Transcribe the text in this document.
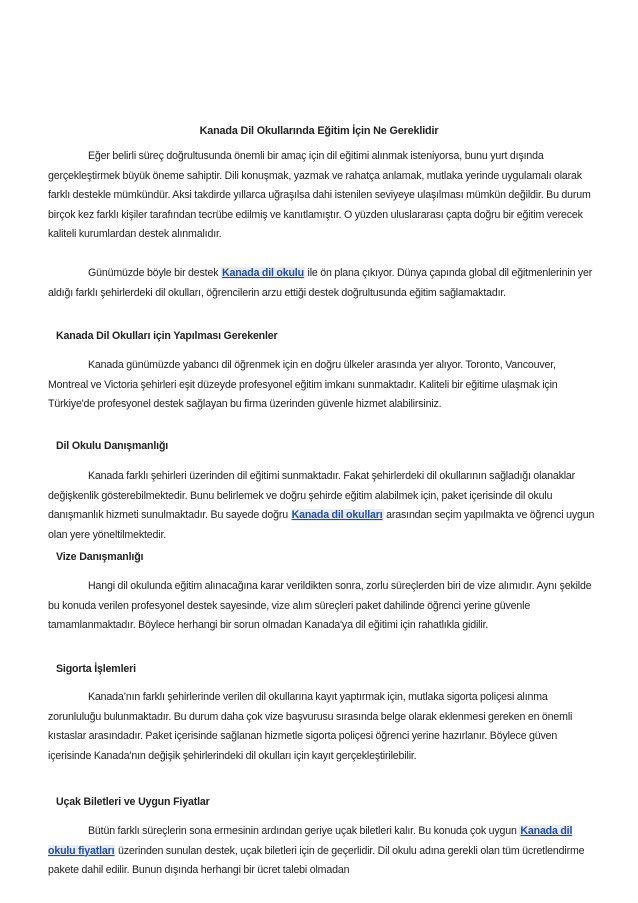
Kanada Dil Okullarında Eğitim İçin Ne Gereklidir

Eğer belirli süreç doğrultusunda önemli bir amaç için dil eğitimi alınmak isteniyorsa, bunu yurt dışında gerçekleştirmek büyük öneme sahiptir. Dili konuşmak, yazmak ve rahatça anlamak, mutlaka yerinde uygulamalı olarak farklı destekle mümkündür. Aksi takdirde yıllarca uğraşılsa dahi istenilen seviyeye ulaşılması mümkün değildir. Bu durum birçok kez farklı kişiler tarafından tecrübe edilmiş ve kanıtlamıştır. O yüzden uluslararası çapta doğru bir eğitim verecek kaliteli kurumlardan destek alınmalıdır.

Günümüzde böyle bir destek Kanada dil okulu ile ön plana çıkıyor. Dünya çapında global dil eğitmenlerinin yer aldığı farklı şehirlerdeki dil okulları, öğrencilerin arzu ettiği destek doğrultusunda eğitim sağlamaktadır.

Kanada Dil Okulları için Yapılması Gerekenler

Kanada günümüzde yabancı dil öğrenmek için en doğru ülkeler arasında yer alıyor. Toronto, Vancouver, Montreal ve Victoria şehirleri eşit düzeyde profesyonel eğitim imkanı sunmaktadır. Kaliteli bir eğitime ulaşmak için Türkiye'de profesyonel destek sağlayan bu firma üzerinden güvenle hizmet alabilirsiniz.

Dil Okulu Danışmanlığı

Kanada farklı şehirleri üzerinden dil eğitimi sunmaktadır. Fakat şehirlerdeki dil okullarının sağladığı olanaklar değişkenlik gösterebilmektedir. Bunu belirlemek ve doğru şehirde eğitim alabilmek için, paket içerisinde dil okulu danışmanlık hizmeti sunulmaktadır. Bu sayede doğru Kanada dil okulları arasından seçim yapılmakta ve öğrenci uygun olan yere yöneltilmektedir.

Vize Danışmanlığı

Hangi dil okulunda eğitim alınacağına karar verildikten sonra, zorlu süreçlerden biri de vize alımıdır. Aynı şekilde bu konuda verilen profesyonel destek sayesinde, vize alım süreçleri paket dahilinde öğrenci yerine güvenle tamamlanmaktadır. Böylece herhangi bir sorun olmadan Kanada'ya dil eğitimi için rahatlıkla gidilir.

Sigorta İşlemleri

Kanada’nın farklı şehirlerinde verilen dil okullarına kayıt yaptırmak için, mutlaka sigorta poliçesi alınma zorunluluğu bulunmaktadır. Bu durum daha çok vize başvurusu sırasında belge olarak eklenmesi gereken en önemli kıstaslar arasındadır. Paket içerisinde sağlanan hizmetle sigorta poliçesi öğrenci yerine hazırlanır. Böylece güven içerisinde Kanada'nın değişik şehirlerindeki dil okulları için kayıt gerçekleştirilebilir.

Uçak Biletleri ve Uygun Fiyatlar

Bütün farklı süreçlerin sona ermesinin ardından geriye uçak biletleri kalır. Bu konuda çok uygun Kanada dil okulu fiyatları üzerinden sunulan destek, uçak biletleri için de geçerlidir. Dil okulu adına gerekli olan tüm ücretlendirme pakete dahil edilir. Bunun dışında herhangi bir ücret talebi olmadan
